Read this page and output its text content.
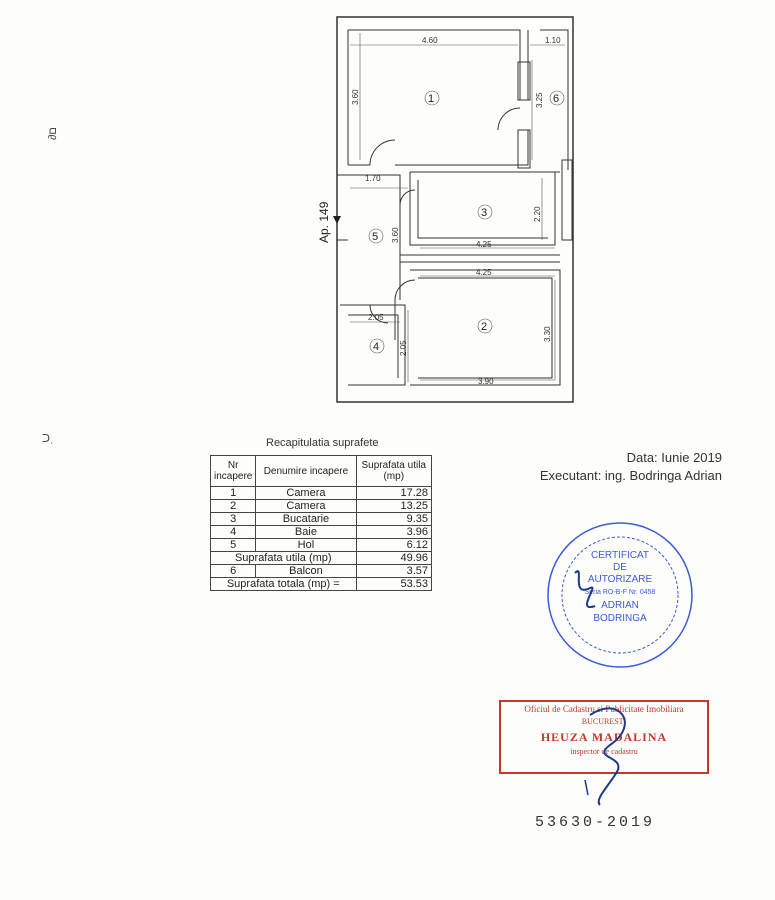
4.60	1.10
3.60	3.25
1.70
2.20
3.60
4.25
4.25
3.30
2.05
2.05
3.90
1
2
3
4
5
6
Ap. 149
∂ם
ᑐˌ	Recapitulatia suprafete
Nr incapere	Denumire incapere	Suprafata utila (mp)
1	Camera	17.28
2	Camera	13.25
3	Bucatarie	9.35
4	Baie	3.96
5	Hol	6.12
Suprafata utila (mp)		49.96
6	Balcon	3.57
Suprafata totala (mp) =		53.53
Data: Iunie 2019
Executant: ing. Bodringa Adrian
CERTIFICAT
DE
AUTORIZARE
Seria RO-B-F Nr. 0458
ADRIAN
BODRINGA
Oficiul de Cadastru si Publicitate Imobiliara
BUCURESTI
HEUZA MADALINA
inspector de cadastru
53630-2019
